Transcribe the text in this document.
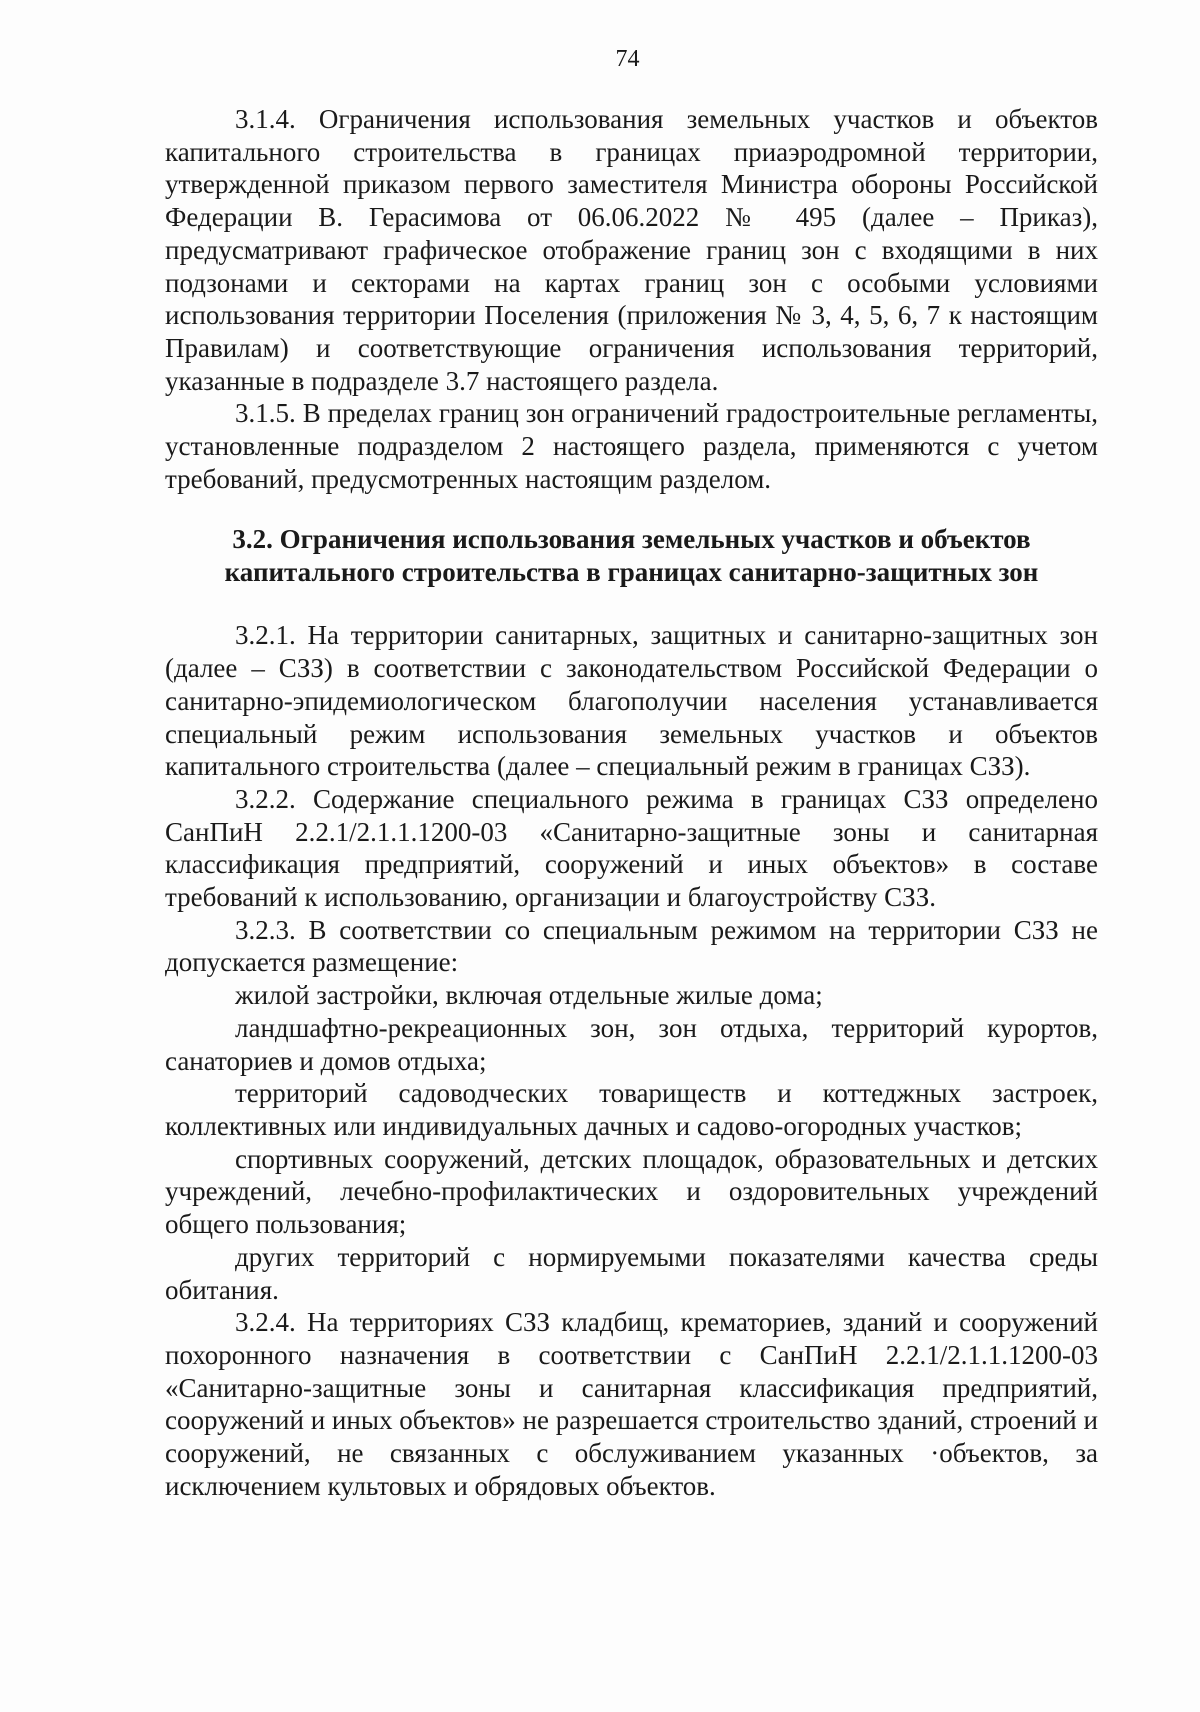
74

3.1.4. Ограничения использования земельных участков и объектов капитального строительства в границах приаэродромной территории, утвержденной приказом первого заместителя Министра обороны Российской Федерации В. Герасимова от 06.06.2022 № 495 (далее – Приказ), предусматривают графическое отображение границ зон с входящими в них подзонами и секторами на картах границ зон с особыми условиями использования территории Поселения (приложения № 3, 4, 5, 6, 7 к настоящим Правилам) и соответствующие ограничения использования территорий, указанные в подразделе 3.7 настоящего раздела.

3.1.5. В пределах границ зон ограничений градостроительные регламенты, установленные подразделом 2 настоящего раздела, применяются с учетом требований, предусмотренных настоящим разделом.

3.2. Ограничения использования земельных участков и объектов капитального строительства в границах санитарно-защитных зон

3.2.1. На территории санитарных, защитных и санитарно-защитных зон (далее – СЗЗ) в соответствии с законодательством Российской Федерации о санитарно-эпидемиологическом благополучии населения устанавливается специальный режим использования земельных участков и объектов капитального строительства (далее – специальный режим в границах СЗЗ).

3.2.2. Содержание специального режима в границах СЗЗ определено СанПиН 2.2.1/2.1.1.1200-03 «Санитарно-защитные зоны и санитарная классификация предприятий, сооружений и иных объектов» в составе требований к использованию, организации и благоустройству СЗЗ.

3.2.3. В соответствии со специальным режимом на территории СЗЗ не допускается размещение:

жилой застройки, включая отдельные жилые дома;

ландшафтно-рекреационных зон, зон отдыха, территорий курортов, санаториев и домов отдыха;

территорий садоводческих товариществ и коттеджных застроек, коллективных или индивидуальных дачных и садово-огородных участков;

спортивных сооружений, детских площадок, образовательных и детских учреждений, лечебно-профилактических и оздоровительных учреждений общего пользования;

других территорий с нормируемыми показателями качества среды обитания.

3.2.4. На территориях СЗЗ кладбищ, крематориев, зданий и сооружений похоронного назначения в соответствии с СанПиН 2.2.1/2.1.1.1200-03 «Санитарно-защитные зоны и санитарная классификация предприятий, сооружений и иных объектов» не разрешается строительство зданий, строений и сооружений, не связанных с обслуживанием указанных ·объектов, за исключением культовых и обрядовых объектов.
